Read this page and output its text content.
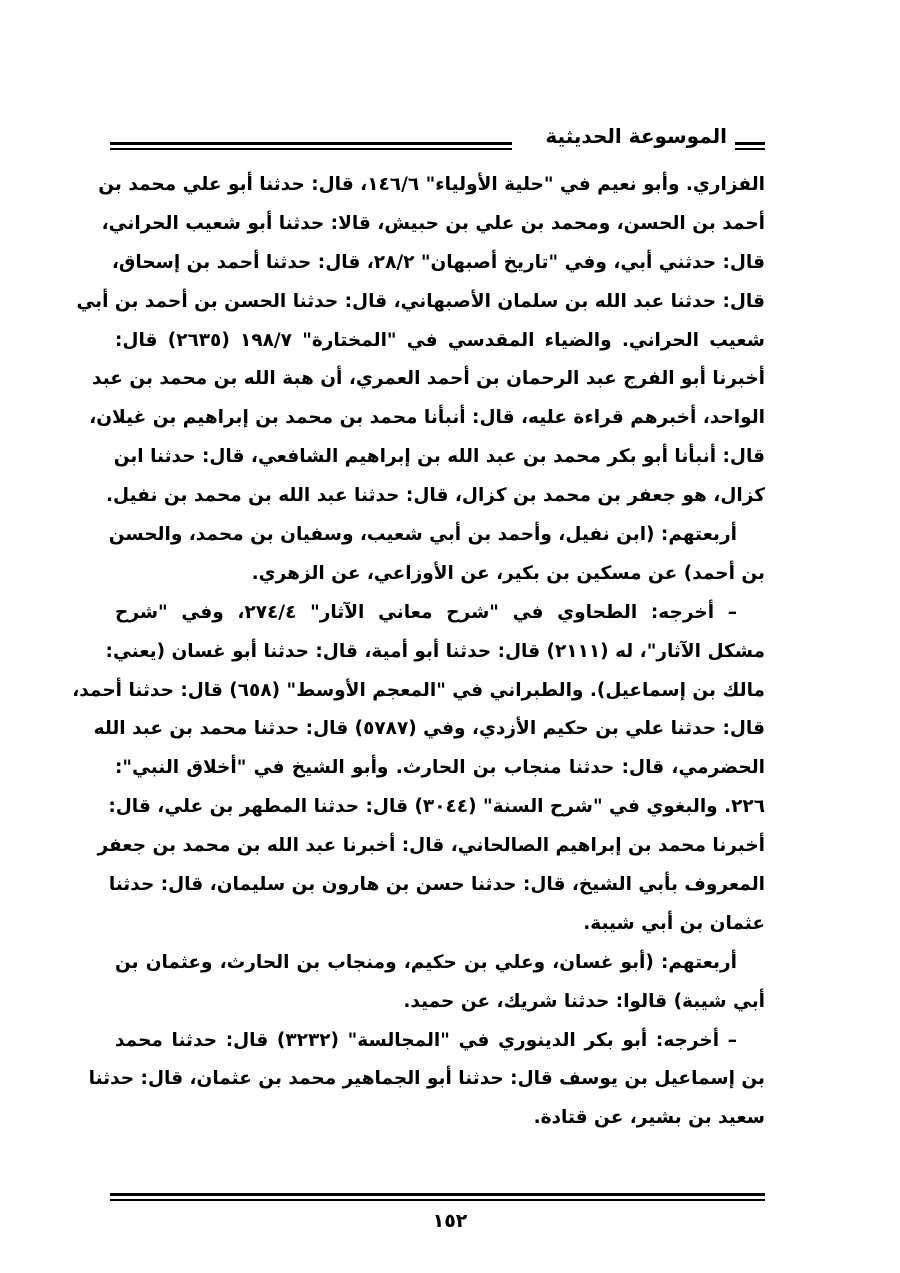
الموسوعة الحديثية
الفزاري. وأبو نعيم في "حلية الأولياء" ١٤٦/٦، قال: حدثنا أبو علي محمد بن
أحمد بن الحسن، ومحمد بن علي بن حبيش، قالا: حدثنا أبو شعيب الحراني،
قال: حدثني أبي، وفي "تاريخ أصبهان" ٢٨/٢، قال: حدثنا أحمد بن إسحاق،
قال: حدثنا عبد الله بن سلمان الأصبهاني، قال: حدثنا الحسن بن أحمد بن أبي
شعيب الحراني. والضياء المقدسي في "المختارة" ١٩٨/٧ (٢٦٣٥) قال:
أخبرنا أبو الفرج عبد الرحمان بن أحمد العمري، أن هبة الله بن محمد بن عبد
الواحد، أخبرهم قراءة عليه، قال: أنبأنا محمد بن محمد بن إبراهيم بن غيلان،
قال: أنبأنا أبو بكر محمد بن عبد الله بن إبراهيم الشافعي، قال: حدثنا ابن
كزال، هو جعفر بن محمد بن كزال، قال: حدثنا عبد الله بن محمد بن نفيل.
أربعتهم: (ابن نفيل، وأحمد بن أبي شعيب، وسفيان بن محمد، والحسن
بن أحمد) عن مسكين بن بكير، عن الأوزاعي، عن الزهري.
– أخرجه: الطحاوي في "شرح معاني الآثار" ٢٧٤/٤، وفي "شرح
مشكل الآثار"، له (٢١١١) قال: حدثنا أبو أمية، قال: حدثنا أبو غسان (يعني:
مالك بن إسماعيل). والطبراني في "المعجم الأوسط" (٦٥٨) قال: حدثنا أحمد،
قال: حدثنا علي بن حكيم الأزدي، وفي (٥٧٨٧) قال: حدثنا محمد بن عبد الله
الحضرمي، قال: حدثنا منجاب بن الحارث. وأبو الشيخ في "أخلاق النبي":
٢٢٦. والبغوي في "شرح السنة" (٣٠٤٤) قال: حدثنا المطهر بن علي، قال:
أخبرنا محمد بن إبراهيم الصالحاني، قال: أخبرنا عبد الله بن محمد بن جعفر
المعروف بأبي الشيخ، قال: حدثنا حسن بن هارون بن سليمان، قال: حدثنا
عثمان بن أبي شيبة.
أربعتهم: (أبو غسان، وعلي بن حكيم، ومنجاب بن الحارث، وعثمان بن
أبي شيبة) قالوا: حدثنا شريك، عن حميد.
– أخرجه: أبو بكر الدينوري في "المجالسة" (٣٢٣٢) قال: حدثنا محمد
بن إسماعيل بن يوسف قال: حدثنا أبو الجماهير محمد بن عثمان، قال: حدثنا
سعيد بن بشير، عن قتادة.
١٥٢
